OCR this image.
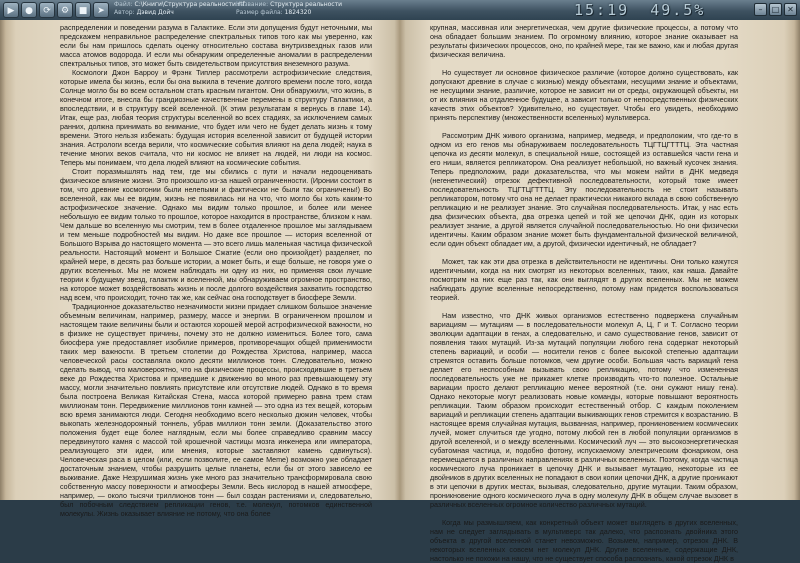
▶	●	⟳	⚙	■	➤
Файл: C:\Книги\Структура реальности.rtf
Автор: Дэвид Дойч
Название: Структура реальности
Размер файла: 1824320	15:19 49.5%	–	□ ✕

распределении и поведении разума в Галактике. Если эти допущения будут неточными, мы предскажем неправильное распределение спектральных типов того как мы уверенно, как если бы нам пришлось сделать оценку относительно состава внутризвездных газов или масса атомов водорода. И если мы обнаружим определенные аномалии в распределении спектральных типов, это может быть свидетельством присутствия внеземного разума.

Космологи Джон Барроу и Фрэнк Типлер рассмотрели астрофизические следствия, которые имела бы жизнь, если бы она выжила в течение долгого времени после того, когда Солнце могло бы во всем остальном стать красным гигантом. Они обнаружили, что жизнь, в конечном итоге, внесла бы грандиозные качественные перемены в структуру Галактики, а впоследствии, и в структуру всей вселенной. (К этим результатам я вернусь в главе 14). Итак, еще раз, любая теория структуры вселенной во всех стадиях, за исключением самых ранних, должна принимать во внимание, что будет или чего не будет делать жизнь к тому времени. Этого нельзя избежать: будущая история вселенной зависит от будущей истории знания. Астрологи всегда верили, что космические события влияют на дела людей; наука в течение многих веков считала, что ни космос не влияет на людей, ни люди на космос. Теперь мы понимаем, что дела людей влияют на космические события.

Стоит поразмышлять над тем, где мы сбились с пути и начали недооценивать физическое влияние жизни. Это произошло из-за нашей ограниченности. (Иронии состоит в том, что древние космогонии были нелепыми и фактически не были так ограничены!) Во вселенной, как мы ее видим, жизнь не появилась ни на что, что могло бы хоть каким-то астрофизическое значение. Однако мы видим только прошлое, и более или менее небольшую ее видим только то прошлое, которое находится в пространстве, близком к нам. Чем дальше во вселенную мы смотрим, тем в более отдаленное прошлое мы заглядываем и тем меньше подробностей мы видим. Но даже все прошлое — история вселенной от Большого Взрыва до настоящего момента — это всего лишь маленькая частица физической реальности. Настоящий момент и Большое Сжатие (если оно произойдет) разделяет, по крайней мере, в десять раз больше истории, а может быть, и еще больше, не говоря уже о других вселенных. Мы не можем наблюдать ни одну из них, но применяя свои лучшие теории к будущему звезд, галактик и вселенной, мы обнаруживаем огромное пространство, на которое может воздействовать жизнь и после долгого воздействия захватить господство над всем, что происходит, точно так же, как сейчас она господствует в биосфере Земли.

Традиционное доказательство незначимости жизни придает слишком большое значение объемным величинам, например, размеру, массе и энергии. В ограниченном прошлом и настоящем такие величины были и остаются хорошей мерой астрофизической важности, но в физике не существует причины, почему это не должно измениться. Более того, сама биосфера уже предоставляет изобилие примеров, противоречащих общей применимости таких мер важности. В третьем столетии до Рождества Христова, например, масса человеческой расы составляла около десяти миллионов тонн. Следовательно, можно сделать вывод, что маловероятно, что на физические процессы, происходившие в третьем веке до Рождества Христова и приведшие к движению во много раз превышающему эту массу, могли значительно повлиять присутствие или отсутствие людей. Однако в то время была построена Великая Китайская Стена, масса которой примерно равна трем стам миллионам тонн. Передвижение миллионов тонн камней — это одна из тех вещей, которым всю время занимаются люди. Сегодня необходимо всего несколько дюжин человек, чтобы выкопать железнодорожный тоннель, убрав миллион тонн земли. (Доказательство этого положения будет еще более наглядным, если мы более справедливо сравним массу передвинутого камня с массой той крошечной частицы мозга инженера или императора, реализующего эти идеи, или мнения, которые заставляют камень сдвинуться). Человеческая раса в целом (или, если позволите, ее самое Meme) возможно уже обладает достаточным знанием, чтобы разрушить целые планеты, если бы от этого зависело ее выживание. Даже Незрушимая жизнь уже много раз значительно трансформировала свою собственную массу поверхности и атмосферы Земли. Весь кислород в нашей атмосфере, например, — около тысячи триллионов тонн — был создан растениями и, следовательно, был побочным следствием репликации генов, т.е. молекул, потомков единственной молекулы. Жизнь оказывает влияние не потому, что она более

крупная, массивная или энергетическая, чем другие физические процессы, а потому что она обладает большим знанием. По огромному влиянию, которое знание оказывает на результаты физических процессов, оно, по крайней мере, так же важно, как и любая другая физическая величина.

Но существует ли основное физическое различие (которое должно существовать, как допускают древние в случае с жизнью) между объектами, несущими знание и объектами, не несущими знание, различие, которое не зависит ни от среды, окружающей объекты, ни от их влияния на отдаленное будущее, а зависит только от непосредственных физических качеств этих объектов? Удивительно, но существует. Чтобы его увидеть, необходимо принять перспективу (множественности вселенных) мультиверса.

Рассмотрим ДНК живого организма, например, медведя, и предположим, что где-то в одном из его генов мы обнаруживаем последовательность ТЦГТЦГТТТЦ. Эта частная цепочка из десяти молекул, в специальной нише, состоящей из оставшейся части гена и его ниши, является репликатором. Она реализует небольшой, но важный кусочек знания. Теперь предположим, ради доказательства, что мы можем найти в ДНК медведя (негенетический) отрезок дефективной последовательности, который тоже имеет последовательность ТЦГТЦГТТТЦ. Эту последовательность не стоит называть репликатором, потому что она не делает практически никакого вклада в свою собственную репликацию и не реализует знание. Это случайная последовательность. Итак, у нас есть два физических объекта, два отрезка цепей и той же цепочки ДНК, один из которых реализует знание, а другой является случайной последовательностью. Но они физически идентичны. Каким образом знание может быть фундаментальной физической величиной, если один объект обладает им, а другой, физически идентичный, не обладает?

Может, так как эти два отрезка в действительности не идентичны. Они только кажутся идентичными, когда на них смотрят из некоторых вселенных, таких, как наша. Давайте посмотрим на них еще раз так, как они выглядят в других вселенных. Мы не можем наблюдать другие вселенные непосредственно, потому нам придется воспользоваться теорией.

Нам известно, что ДНК живых организмов естественно подвержена случайным вариациям — мутациям — в последовательности молекул А, Ц, Г и Т. Согласно теории эволюции адаптации в генах, а следовательно, и само существование генов, зависит от появления таких мутаций. Из-за мутаций популяции любого гена содержат некоторый степень вариаций, и особи — носители генов с более высокой степенью адаптации стремятся оставить больше потомков, чем другие особи. Большая часть вариаций гена делает его неспособным вызывать свою репликацию, потому что измененная последовательность уже не прикажет клетке производить что-то полезное. Остальные вариации просто делают репликацию менее вероятной (т.е. они сужают нишу гена). Однако некоторые могут реализовать новые команды, которые повышают вероятность репликации. Таким образом происходит естественный отбор. С каждым поколением вариаций и репликации степень адаптации выживающих генов стремится к возрастанию. В настоящее время случайная мутация, вызванная, например, проникновением космических лучей, может случиться где угодно, потому любой ген в любой популяции организмов в другой вселенной, и о между вселенными. Космический луч — это высокоэнергетическая субатомная частица, и, подобно фотону, испускаемому электрическим фонариком, она перемещается в различных направлениях в различных вселенных. Поэтому, когда частица космического луча проникает в цепочку ДНК и вызывает мутацию, некоторые из ее двойников в других вселенных не попадают в свои копии цепочки ДНК, а другие проникают в эти цепочки в других местах, вызывая, следовательно, другие мутации. Таким образом, проникновение одного космического луча в одну молекулу ДНК в общем случае вызовет в различных вселенных огромное количество различных мутаций.

Когда мы размышляем, как конкретный объект может выглядеть в других вселенных, нам не следует заглядывать в мультиверс так далеко, что распознать двойника этого объекта в другой вселенной станет невозможно. Возьмем, например, отрезок ДНК. В некоторых вселенных совсем нет молекул ДНК. Другие вселенные, содержащие ДНК, настолько не похожи на нашу, что не существует способа распознать, какой отрезок ДНК в
